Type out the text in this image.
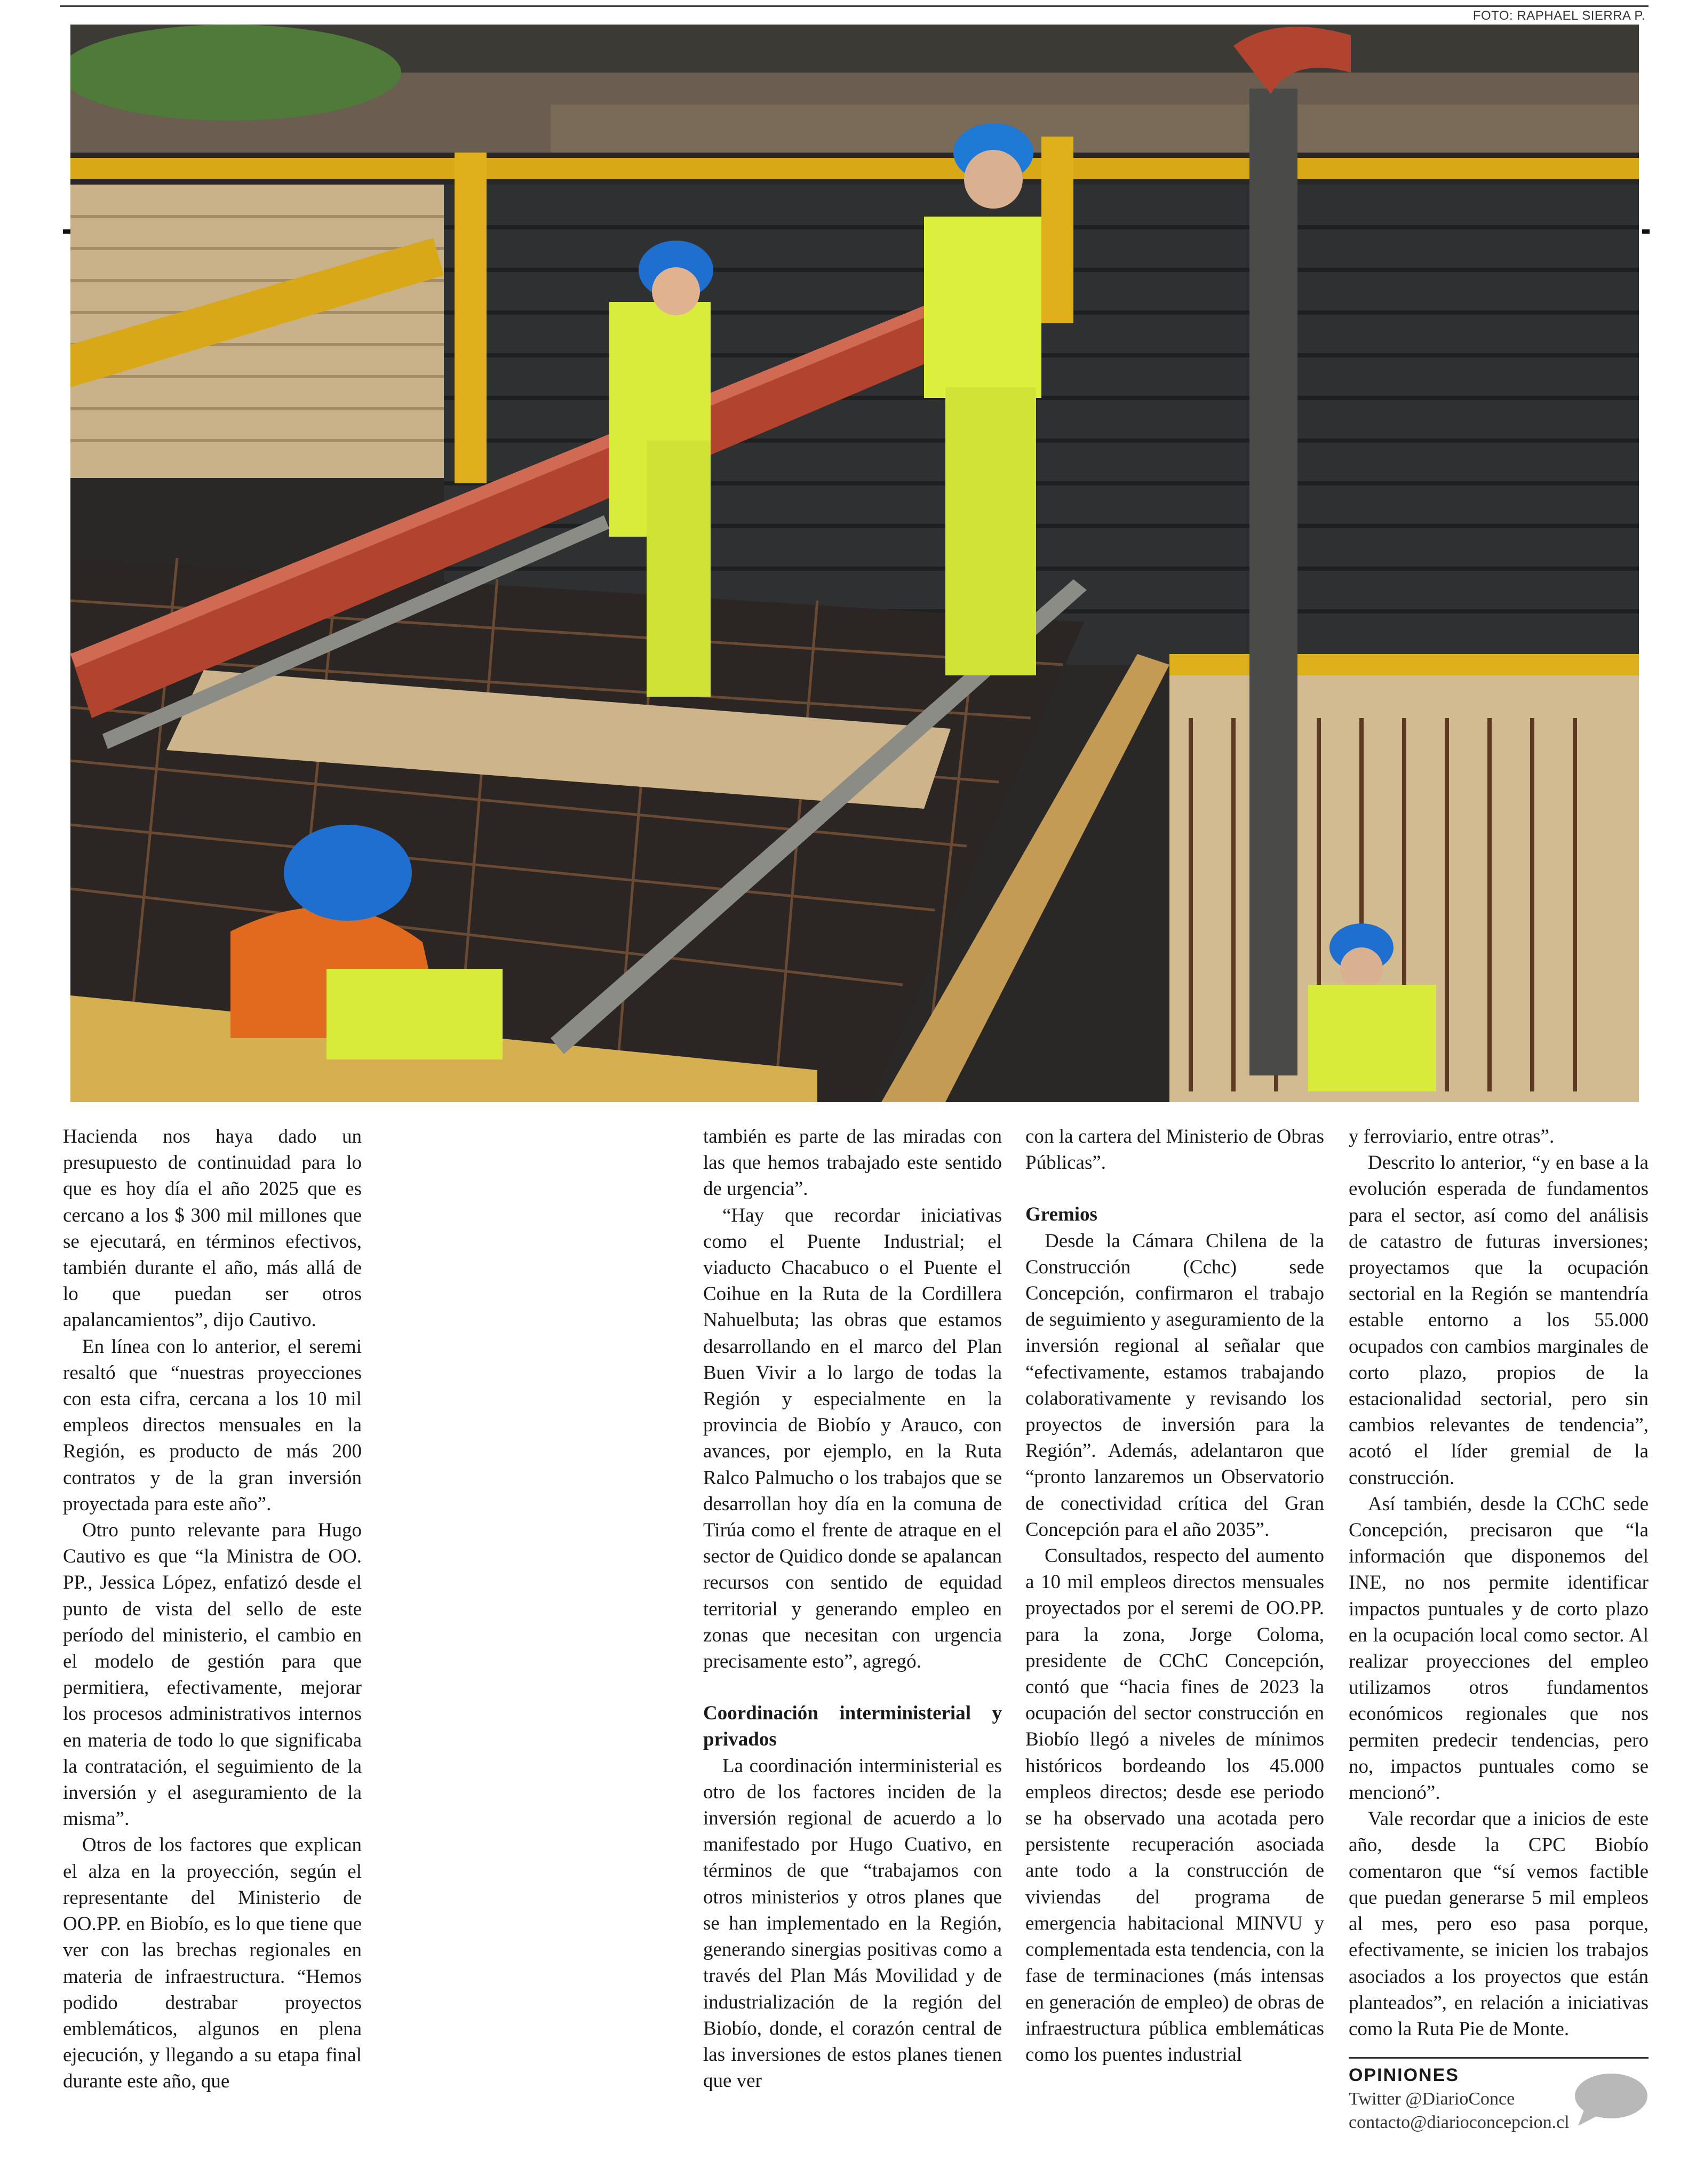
FOTO: RAPHAEL SIERRA P.

Hacienda nos haya dado un presupuesto de continuidad para lo que es hoy día el año 2025 que es cercano a los $ 300 mil millones que se ejecutará, en términos efectivos, también durante el año, más allá de lo que puedan ser otros apalancamientos”, dijo Cautivo.

En línea con lo anterior, el seremi resaltó que “nuestras proyecciones con esta cifra, cercana a los 10 mil empleos directos mensuales en la Región, es producto de más 200 contratos y de la gran inversión proyectada para este año”.

Otro punto relevante para Hugo Cautivo es que “la Ministra de OO. PP., Jessica López, enfatizó desde el punto de vista del sello de este período del ministerio, el cambio en el modelo de gestión para que permitiera, efectivamente, mejorar los procesos administrativos internos en materia de todo lo que significaba la contratación, el seguimiento de la inversión y el aseguramiento de la misma”.

Otros de los factores que explican el alza en la proyección, según el representante del Ministerio de OO.PP. en Biobío, es lo que tiene que ver con las brechas regionales en materia de infraestructura. “Hemos podido destrabar proyectos emblemáticos, algunos en plena ejecución, y llegando a su etapa final durante este año, que

también es parte de las miradas con las que hemos trabajado este sentido de urgencia”.

“Hay que recordar iniciativas como el Puente Industrial; el viaducto Chacabuco o el Puente el Coihue en la Ruta de la Cordillera Nahuelbuta; las obras que estamos desarrollando en el marco del Plan Buen Vivir a lo largo de todas la Región y especialmente en la provincia de Biobío y Arauco, con avances, por ejemplo, en la Ruta Ralco Palmucho o los trabajos que se desarrollan hoy día en la comuna de Tirúa como el frente de atraque en el sector de Quidico donde se apalancan recursos con sentido de equidad territorial y generando empleo en zonas que necesitan con urgencia precisamente esto”, agregó.

Coordinación interministerial y privados

La coordinación interministerial es otro de los factores inciden de la inversión regional de acuerdo a lo manifestado por Hugo Cuativo, en términos de que “trabajamos con otros ministerios y otros planes que se han implementado en la Región, generando sinergias positivas como a través del Plan Más Movilidad y de industrialización de la región del Biobío, donde, el corazón central de las inversiones de estos planes tienen que ver

con la cartera del Ministerio de Obras Públicas”.

Gremios

Desde la Cámara Chilena de la Construcción (Cchc) sede Concepción, confirmaron el trabajo de seguimiento y aseguramiento de la inversión regional al señalar que “efectivamente, estamos trabajando colaborativamente y revisando los proyectos de inversión para la Región”. Además, adelantaron que “pronto lanzaremos un Observatorio de conectividad crítica del Gran Concepción para el año 2035”.

Consultados, respecto del aumento a 10 mil empleos directos mensuales proyectados por el seremi de OO.PP. para la zona, Jorge Coloma, presidente de CChC Concepción, contó que “hacia fines de 2023 la ocupación del sector construcción en Biobío llegó a niveles de mínimos históricos bordeando los 45.000 empleos directos; desde ese periodo se ha observado una acotada pero persistente recuperación asociada ante todo a la construcción de viviendas del programa de emergencia habitacional MINVU y complementada esta tendencia, con la fase de terminaciones (más intensas en generación de empleo) de obras de infraestructura pública emblemáticas como los puentes industrial

y ferroviario, entre otras”.

Descrito lo anterior, “y en base a la evolución esperada de fundamentos para el sector, así como del análisis de catastro de futuras inversiones; proyectamos que la ocupación sectorial en la Región se mantendría estable entorno a los 55.000 ocupados con cambios marginales de corto plazo, propios de la estacionalidad sectorial, pero sin cambios relevantes de tendencia”, acotó el líder gremial de la construcción.

Así también, desde la CChC sede Concepción, precisaron que “la información que disponemos del INE, no nos permite identificar impactos puntuales y de corto plazo en la ocupación local como sector. Al realizar proyecciones del empleo utilizamos otros fundamentos económicos regionales que nos permiten predecir tendencias, pero no, impactos puntuales como se mencionó”.

Vale recordar que a inicios de este año, desde la CPC Biobío comentaron que “sí vemos factible que puedan generarse 5 mil empleos al mes, pero eso pasa porque, efectivamente, se inicien los trabajos asociados a los proyectos que están planteados”, en relación a iniciativas como la Ruta Pie de Monte.

OPINIONES
Twitter @DiarioConce
contacto@diarioconcepcion.cl
